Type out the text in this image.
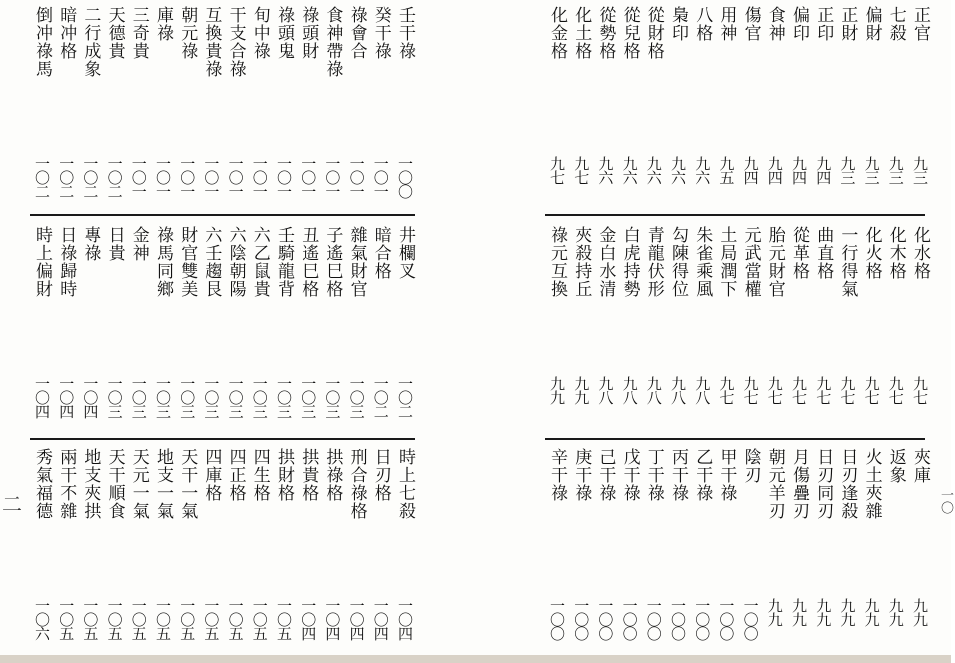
壬干祿
一〇〇
癸干祿
一〇一
祿會合
一〇一
食神帶祿
一〇一
祿頭財
一〇一
祿頭鬼
一〇一
旬中祿
一〇一
干支合祿
一〇一
互換貴祿
一〇一
朝元祿
一〇一
庫祿
一〇一
三奇貴
一〇一
天德貴
一〇二
二行成象
一〇二
暗冲格
一〇二
倒冲祿馬
一〇二
井欄叉
一〇二
暗合格
一〇二
雜氣財官
一〇三
子遙巳格
一〇三
丑遙巳格
一〇三
壬騎龍背
一〇三
六乙鼠貴
一〇三
六陰朝陽
一〇三
六壬趨艮
一〇三
財官雙美
一〇三
祿馬同鄉
一〇三
金神
一〇三
日貴
一〇三
專祿
一〇四
日祿歸時
一〇四
時上偏財
一〇四
時上七殺
一〇四
日刃格
一〇四
刑合祿格
一〇四
拱祿格
一〇四
拱貴格
一〇四
拱財格
一〇五
四生格
一〇五
四正格
一〇五
四庫格
一〇五
天干一氣
一〇五
地支一氣
一〇五
天元一氣
一〇五
天干順食
一〇五
地支夾拱
一〇五
兩干不雜
一〇五
秀氣福德
一〇六
二
正官
九三
七殺
九三
偏財
九三
正財
九三
正印
九四
偏印
九四
食神
九四
傷官
九四
用神
九五
八格
九六
梟印
九六
從財格
九六
從兒格
九六
從勢格
九六
化土格
九七
化金格
九七
化水格
九七
化木格
九七
化火格
九七
一行得氣
九七
曲直格
九七
從革格
九七
胎元財官
九七
元武當權
九七
土局潤下
九七
朱雀乘風
九八
勾陳得位
九八
青龍伏形
九八
白虎持勢
九八
金白水清
九八
夾殺持丘
九九
祿元互換
九九
夾庫
九九
返象
九九
火土夾雜
九九
日刃逢殺
九九
日刃同刃
九九
月傷疊刃
九九
朝元羊刃
九九
陰刃
一〇〇
甲干祿
一〇〇
乙干祿
一〇〇
丙干祿
一〇〇
丁干祿
一〇〇
戊干祿
一〇〇
己干祿
一〇〇
庚干祿
一〇〇
辛干祿
一〇〇
一〇
